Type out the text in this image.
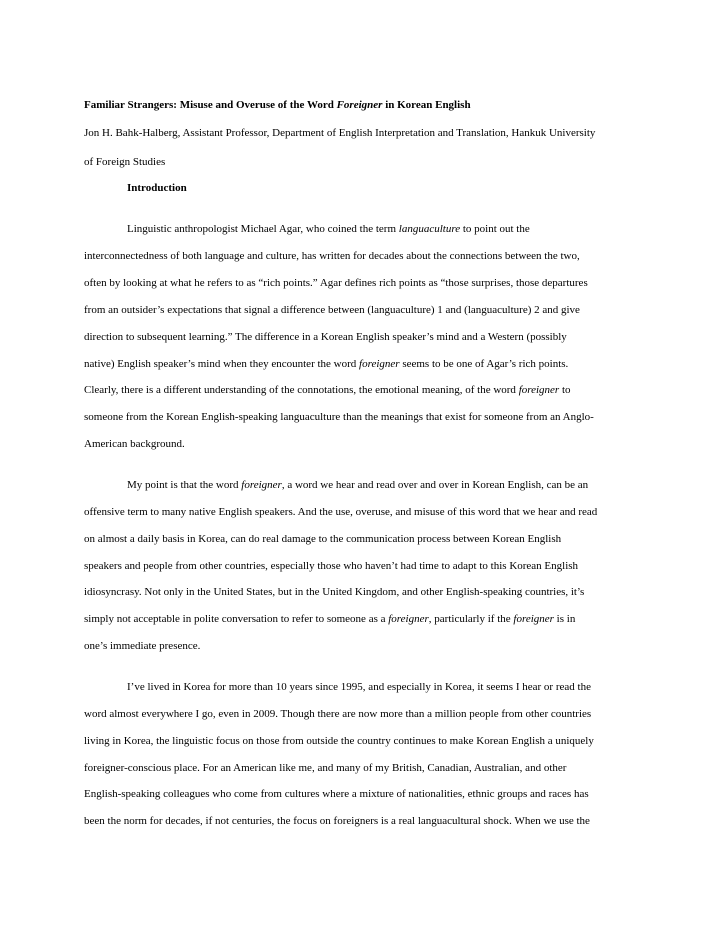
Familiar Strangers: Misuse and Overuse of the Word Foreigner in Korean English

Jon H. Bahk-Halberg, Assistant Professor, Department of English Interpretation and Translation, Hankuk University

of Foreign Studies

Introduction

Linguistic anthropologist Michael Agar, who coined the term languaculture to point out the

interconnectedness of both language and culture, has written for decades about the connections between the two,

often by looking at what he refers to as “rich points.” Agar defines rich points as “those surprises, those departures

from an outsider’s expectations that signal a difference between (languaculture) 1 and (languaculture) 2 and give

direction to subsequent learning.” The difference in a Korean English speaker’s mind and a Western (possibly

native) English speaker’s mind when they encounter the word foreigner seems to be one of Agar’s rich points.

Clearly, there is a different understanding of the connotations, the emotional meaning, of the word foreigner to

someone from the Korean English-speaking languaculture than the meanings that exist for someone from an Anglo-

American background.

My point is that the word foreigner, a word we hear and read over and over in Korean English, can be an

offensive term to many native English speakers. And the use, overuse, and misuse of this word that we hear and read

on almost a daily basis in Korea, can do real damage to the communication process between Korean English

speakers and people from other countries, especially those who haven’t had time to adapt to this Korean English

idiosyncrasy. Not only in the United States, but in the United Kingdom, and other English-speaking countries, it’s

simply not acceptable in polite conversation to refer to someone as a foreigner, particularly if the foreigner is in

one’s immediate presence.

I’ve lived in Korea for more than 10 years since 1995, and especially in Korea, it seems I hear or read the

word almost everywhere I go, even in 2009. Though there are now more than a million people from other countries

living in Korea, the linguistic focus on those from outside the country continues to make Korean English a uniquely

foreigner-conscious place. For an American like me, and many of my British, Canadian, Australian, and other

English-speaking colleagues who come from cultures where a mixture of nationalities, ethnic groups and races has

been the norm for decades, if not centuries, the focus on foreigners is a real languacultural shock. When we use the
